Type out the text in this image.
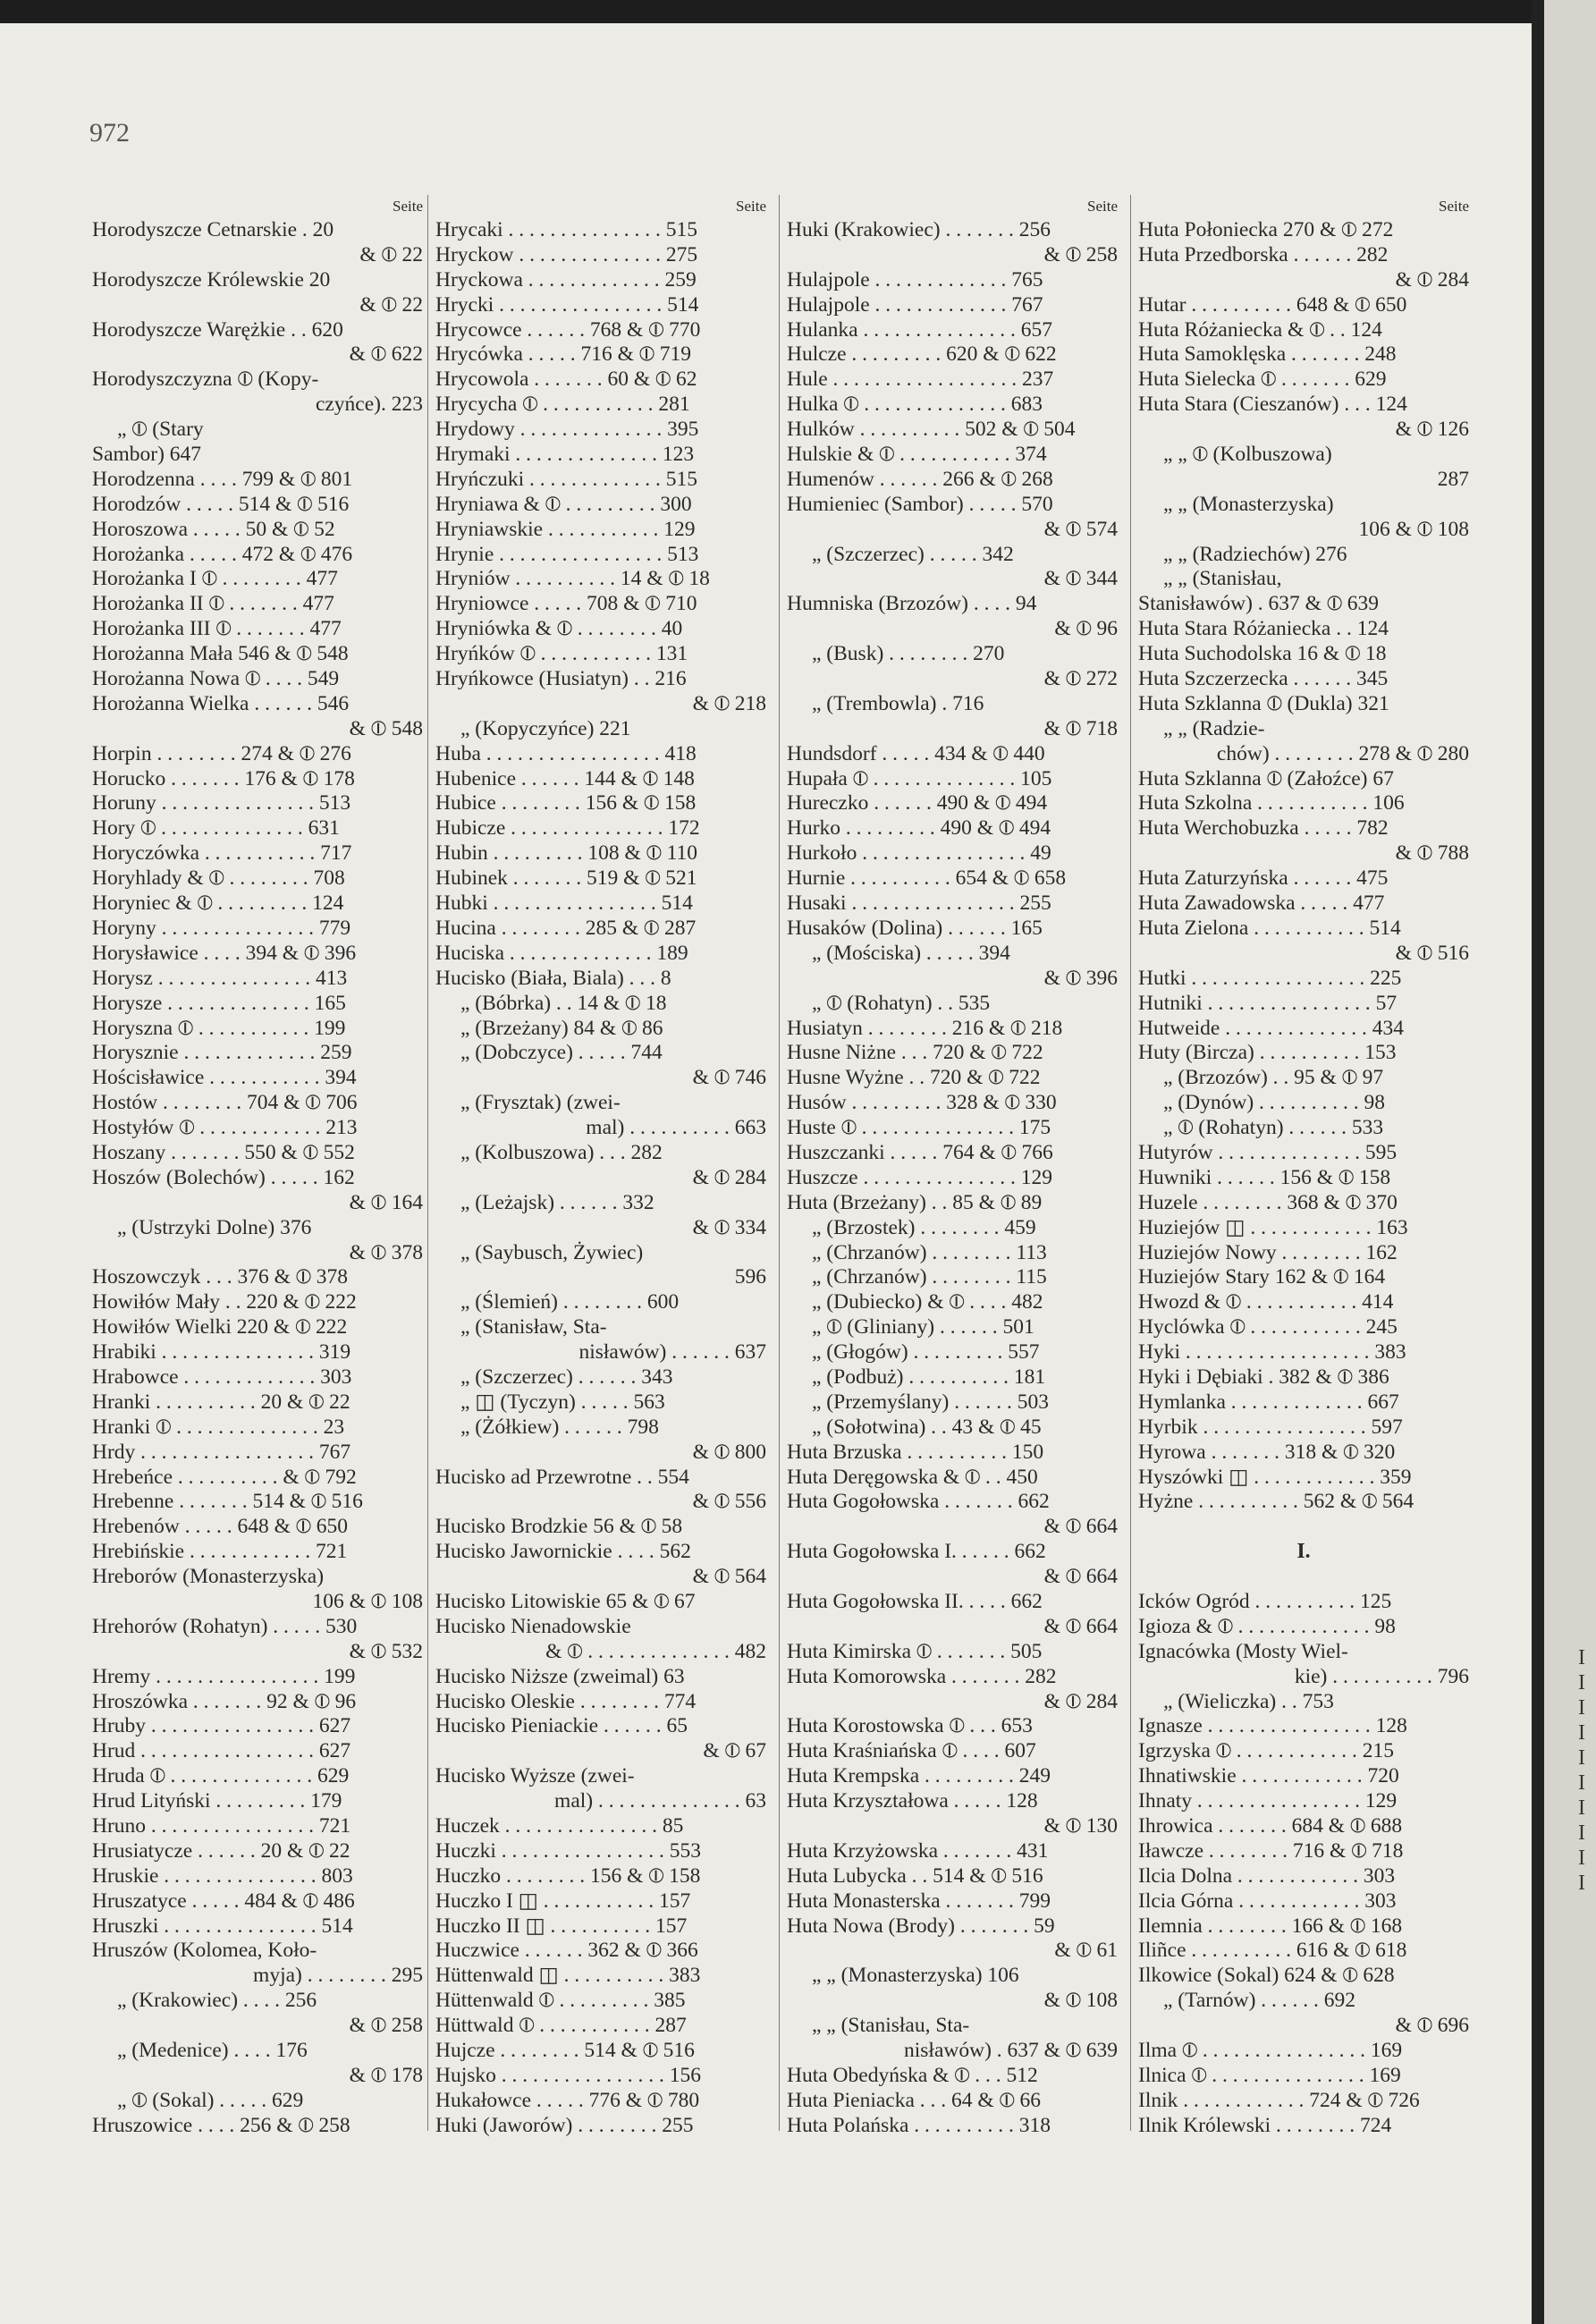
972
Seite
Horodyszcze Cetnarskie . 20
& ⦶ 22
Horodyszcze Królewskie 20
& ⦶ 22
Horodyszcze Warężkie . . 620
& ⦶ 622
Horodyszczyzna ⦶ (Kopy-
czyńce). 223
„ ⦶ (Stary
Sambor) 647
Horodzenna . . . . 799 & ⦶ 801
Horodzów . . . . . 514 & ⦶ 516
Horoszowa . . . . . 50 & ⦶ 52
Horożanka . . . . . 472 & ⦶ 476
Horożanka I ⦶ . . . . . . . . 477
Horożanka II ⦶ . . . . . . . 477
Horożanka III ⦶ . . . . . . . 477
Horożanna Mała 546 & ⦶ 548
Horożanna Nowa ⦶ . . . . 549
Horożanna Wielka . . . . . . 546
& ⦶ 548
Horpin . . . . . . . . 274 & ⦶ 276
Horucko . . . . . . . 176 & ⦶ 178
Horuny . . . . . . . . . . . . . . . 513
Hory ⦶ . . . . . . . . . . . . . . 631
Horyczówka . . . . . . . . . . . 717
Horyhlady & ⦶ . . . . . . . . 708
Horyniec & ⦶ . . . . . . . . . 124
Horyny . . . . . . . . . . . . . . . 779
Horysławice . . . . 394 & ⦶ 396
Horysz . . . . . . . . . . . . . . . 413
Horysze . . . . . . . . . . . . . . 165
Horyszna ⦶ . . . . . . . . . . . 199
Horysznie . . . . . . . . . . . . . 259
Hościsławice . . . . . . . . . . . 394
Hostów . . . . . . . . 704 & ⦶ 706
Hostyłów ⦶ . . . . . . . . . . . . 213
Hoszany . . . . . . . 550 & ⦶ 552
Hoszów (Bolechów) . . . . . 162
& ⦶ 164
„ (Ustrzyki Dolne) 376
& ⦶ 378
Hoszowczyk . . . 376 & ⦶ 378
Howiłów Mały . . 220 & ⦶ 222
Howiłów Wielki 220 & ⦶ 222
Hrabiki . . . . . . . . . . . . . . . 319
Hrabowce . . . . . . . . . . . . . 303
Hranki . . . . . . . . . . 20 & ⦶ 22
Hranki ⦶ . . . . . . . . . . . . . . 23
Hrdy . . . . . . . . . . . . . . . . . 767
Hrebeńce . . . . . . . . . . & ⦶ 792
Hrebenne . . . . . . . 514 & ⦶ 516
Hrebenów . . . . . 648 & ⦶ 650
Hrebińskie . . . . . . . . . . . . 721
Hreborów (Monasterzyska)
106 & ⦶ 108
Hrehorów (Rohatyn) . . . . . 530
& ⦶ 532
Hremy . . . . . . . . . . . . . . . . 199
Hroszówka . . . . . . . 92 & ⦶ 96
Hruby . . . . . . . . . . . . . . . . 627
Hrud . . . . . . . . . . . . . . . . . 627
Hruda ⦶ . . . . . . . . . . . . . . 629
Hrud Lityński . . . . . . . . . 179
Hruno . . . . . . . . . . . . . . . . 721
Hrusiatycze . . . . . . 20 & ⦶ 22
Hruskie . . . . . . . . . . . . . . . 803
Hruszatyce . . . . . 484 & ⦶ 486
Hruszki . . . . . . . . . . . . . . . 514
Hruszów (Kolomea, Koło-
myja) . . . . . . . . 295
„ (Krakowiec) . . . . 256
& ⦶ 258
„ (Medenice) . . . . 176
& ⦶ 178
„ ⦶ (Sokal) . . . . . 629
Hruszowice . . . . 256 & ⦶ 258
Seite
Hrycaki . . . . . . . . . . . . . . . 515
Hryckow . . . . . . . . . . . . . . 275
Hryckowa . . . . . . . . . . . . . 259
Hrycki . . . . . . . . . . . . . . . . 514
Hrycowce . . . . . . 768 & ⦶ 770
Hrycówka . . . . . 716 & ⦶ 719
Hrycowola . . . . . . . 60 & ⦶ 62
Hrycycha ⦶ . . . . . . . . . . . 281
Hrydowy . . . . . . . . . . . . . . 395
Hrymaki . . . . . . . . . . . . . . 123
Hryńczuki . . . . . . . . . . . . . 515
Hryniawa & ⦶ . . . . . . . . . 300
Hryniawskie . . . . . . . . . . . 129
Hrynie . . . . . . . . . . . . . . . . 513
Hryniów . . . . . . . . . . 14 & ⦶ 18
Hryniowce . . . . . 708 & ⦶ 710
Hryniówka & ⦶ . . . . . . . . 40
Hryńków ⦶ . . . . . . . . . . . 131
Hryńkowce (Husiatyn) . . 216
& ⦶ 218
„ (Kopyczyńce) 221
Huba . . . . . . . . . . . . . . . . . 418
Hubenice . . . . . . 144 & ⦶ 148
Hubice . . . . . . . . 156 & ⦶ 158
Hubicze . . . . . . . . . . . . . . . 172
Hubin . . . . . . . . . 108 & ⦶ 110
Hubinek . . . . . . . 519 & ⦶ 521
Hubki . . . . . . . . . . . . . . . . 514
Hucina . . . . . . . . 285 & ⦶ 287
Huciska . . . . . . . . . . . . . . 189
Hucisko (Biała, Biala) . . . 8
„ (Bóbrka) . . 14 & ⦶ 18
„ (Brzeżany) 84 & ⦶ 86
„ (Dobczyce) . . . . . 744
& ⦶ 746
„ (Frysztak) (zwei-
mal) . . . . . . . . . . 663
„ (Kolbuszowa) . . . 282
& ⦶ 284
„ (Leżajsk) . . . . . . 332
& ⦶ 334
„ (Saybusch, Żywiec)
596
„ (Ślemień) . . . . . . . . 600
„ (Stanisław, Sta-
nisławów) . . . . . . 637
„ (Szczerzec) . . . . . . 343
„ ◫ (Tyczyn) . . . . . 563
„ (Żółkiew) . . . . . . 798
& ⦶ 800
Hucisko ad Przewrotne . . 554
& ⦶ 556
Hucisko Brodzkie 56 & ⦶ 58
Hucisko Jawornickie . . . . 562
& ⦶ 564
Hucisko Litowiskie 65 & ⦶ 67
Hucisko Nienadowskie
& ⦶ . . . . . . . . . . . . . . 482
Hucisko Niższe (zweimal) 63
Hucisko Oleskie . . . . . . . . 774
Hucisko Pieniackie . . . . . . 65
& ⦶ 67
Hucisko Wyższe (zwei-
mal) . . . . . . . . . . . . . . 63
Huczek . . . . . . . . . . . . . . . 85
Huczki . . . . . . . . . . . . . . . . 553
Huczko . . . . . . . . 156 & ⦶ 158
Huczko I ◫ . . . . . . . . . . . 157
Huczko II ◫ . . . . . . . . . . 157
Huczwice . . . . . . 362 & ⦶ 366
Hüttenwald ◫ . . . . . . . . . . 383
Hüttenwald ⦶ . . . . . . . . . 385
Hüttwald ⦶ . . . . . . . . . . . 287
Hujcze . . . . . . . . 514 & ⦶ 516
Hujsko . . . . . . . . . . . . . . . . 156
Hukałowce . . . . . 776 & ⦶ 780
Huki (Jaworów) . . . . . . . . 255
Seite
Huki (Krakowiec) . . . . . . . 256
& ⦶ 258
Hulajpole . . . . . . . . . . . . . 765
Hulajpole . . . . . . . . . . . . . 767
Hulanka . . . . . . . . . . . . . . . 657
Hulcze . . . . . . . . . 620 & ⦶ 622
Hule . . . . . . . . . . . . . . . . . . 237
Hulka ⦶ . . . . . . . . . . . . . . 683
Hulków . . . . . . . . . . 502 & ⦶ 504
Hulskie & ⦶ . . . . . . . . . . . 374
Humenów . . . . . . 266 & ⦶ 268
Humieniec (Sambor) . . . . . 570
& ⦶ 574
„ (Szczerzec) . . . . . 342
& ⦶ 344
Humniska (Brzozów) . . . . 94
& ⦶ 96
„ (Busk) . . . . . . . . 270
& ⦶ 272
„ (Trembowla) . 716
& ⦶ 718
Hundsdorf . . . . . 434 & ⦶ 440
Hupała ⦶ . . . . . . . . . . . . . . 105
Hureczko . . . . . . 490 & ⦶ 494
Hurko . . . . . . . . . 490 & ⦶ 494
Hurkoło . . . . . . . . . . . . . . . . 49
Hurnie . . . . . . . . . . 654 & ⦶ 658
Husaki . . . . . . . . . . . . . . . . 255
Husaków (Dolina) . . . . . . 165
„ (Mościska) . . . . . 394
& ⦶ 396
„ ⦶ (Rohatyn) . . 535
Husiatyn . . . . . . . . 216 & ⦶ 218
Husne Niżne . . . 720 & ⦶ 722
Husne Wyżne . . 720 & ⦶ 722
Husów . . . . . . . . . 328 & ⦶ 330
Huste ⦶ . . . . . . . . . . . . . . . 175
Huszczanki . . . . . 764 & ⦶ 766
Huszcze . . . . . . . . . . . . . . . 129
Huta (Brzeżany) . . 85 & ⦶ 89
„ (Brzostek) . . . . . . . . 459
„ (Chrzanów) . . . . . . . . 113
„ (Chrzanów) . . . . . . . . 115
„ (Dubiecko) & ⦶ . . . . 482
„ ⦶ (Gliniany) . . . . . . 501
„ (Głogów) . . . . . . . . . 557
„ (Podbuż) . . . . . . . . . . 181
„ (Przemyślany) . . . . . . 503
„ (Sołotwina) . . 43 & ⦶ 45
Huta Brzuska . . . . . . . . . . 150
Huta Deręgowska & ⦶ . . 450
Huta Gogołowska . . . . . . . 662
& ⦶ 664
Huta Gogołowska I. . . . . . 662
& ⦶ 664
Huta Gogołowska II. . . . . 662
& ⦶ 664
Huta Kimirska ⦶ . . . . . . . 505
Huta Komorowska . . . . . . . 282
& ⦶ 284
Huta Korostowska ⦶ . . . 653
Huta Kraśniańska ⦶ . . . . 607
Huta Krempska . . . . . . . . . 249
Huta Krzyształowa . . . . . 128
& ⦶ 130
Huta Krzyżowska . . . . . . . 431
Huta Lubycka . . 514 & ⦶ 516
Huta Monasterska . . . . . . . 799
Huta Nowa (Brody) . . . . . . . 59
& ⦶ 61
„ „ (Monasterzyska) 106
& ⦶ 108
„ „ (Stanisłau, Sta-
nisławów) . 637 & ⦶ 639
Huta Obedyńska & ⦶ . . . 512
Huta Pieniacka . . . 64 & ⦶ 66
Huta Polańska . . . . . . . . . . 318
Seite
Huta Połoniecka 270 & ⦶ 272
Huta Przedborska . . . . . . 282
& ⦶ 284
Hutar . . . . . . . . . . 648 & ⦶ 650
Huta Różaniecka & ⦶ . . 124
Huta Samoklęska . . . . . . . 248
Huta Sielecka ⦶ . . . . . . . 629
Huta Stara (Cieszanów) . . . 124
& ⦶ 126
„ „ ⦶ (Kolbuszowa)
287
„ „ (Monasterzyska)
106 & ⦶ 108
„ „ (Radziechów) 276
„ „ (Stanisłau,
Stanisławów) . 637 & ⦶ 639
Huta Stara Różaniecka . . 124
Huta Suchodolska 16 & ⦶ 18
Huta Szczerzecka . . . . . . 345
Huta Szklanna ⦶ (Dukla) 321
„ „ (Radzie-
chów) . . . . . . . . 278 & ⦶ 280
Huta Szklanna ⦶ (Załoźce) 67
Huta Szkolna . . . . . . . . . . . 106
Huta Werchobuzka . . . . . 782
& ⦶ 788
Huta Zaturzyńska . . . . . . 475
Huta Zawadowska . . . . . 477
Huta Zielona . . . . . . . . . . . 514
& ⦶ 516
Hutki . . . . . . . . . . . . . . . . . 225
Hutniki . . . . . . . . . . . . . . . . 57
Hutweide . . . . . . . . . . . . . . 434
Huty (Bircza) . . . . . . . . . . 153
„ (Brzozów) . . 95 & ⦶ 97
„ (Dynów) . . . . . . . . . . 98
„ ⦶ (Rohatyn) . . . . . . 533
Hutyrów . . . . . . . . . . . . . . 595
Huwniki . . . . . . 156 & ⦶ 158
Huzele . . . . . . . . 368 & ⦶ 370
Huziejów ◫ . . . . . . . . . . . . 163
Huziejów Nowy . . . . . . . . 162
Huziejów Stary 162 & ⦶ 164
Hwozd & ⦶ . . . . . . . . . . . 414
Hyclówka ⦶ . . . . . . . . . . . 245
Hyki . . . . . . . . . . . . . . . . . . 383
Hyki i Dębiaki . 382 & ⦶ 386
Hymlanka . . . . . . . . . . . . . 667
Hyrbik . . . . . . . . . . . . . . . . 597
Hyrowa . . . . . . . 318 & ⦶ 320
Hyszówki ◫ . . . . . . . . . . . . 359
Hyżne . . . . . . . . . . 562 & ⦶ 564
I.
Icków Ogród . . . . . . . . . . 125
Igioza & ⦶ . . . . . . . . . . . . . 98
Ignacówka (Mosty Wiel-
kie) . . . . . . . . . . 796
„ (Wieliczka) . . 753
Ignasze . . . . . . . . . . . . . . . . 128
Igrzyska ⦶ . . . . . . . . . . . . 215
Ihnatiwskie . . . . . . . . . . . . 720
Ihnaty . . . . . . . . . . . . . . . . 129
Ihrowica . . . . . . . 684 & ⦶ 688
Iławcze . . . . . . . . 716 & ⦶ 718
Ilcia Dolna . . . . . . . . . . . . 303
Ilcia Górna . . . . . . . . . . . . 303
Ilemnia . . . . . . . . 166 & ⦶ 168
Iliñce . . . . . . . . . . 616 & ⦶ 618
Ilkowice (Sokal) 624 & ⦶ 628
„ (Tarnów) . . . . . . 692
& ⦶ 696
Ilma ⦶ . . . . . . . . . . . . . . . . 169
Ilnica ⦶ . . . . . . . . . . . . . . . 169
Ilnik . . . . . . . . . . . . 724 & ⦶ 726
Ilnik Królewski . . . . . . . . 724
I
I
I
I
I
I
I
I
I
I
